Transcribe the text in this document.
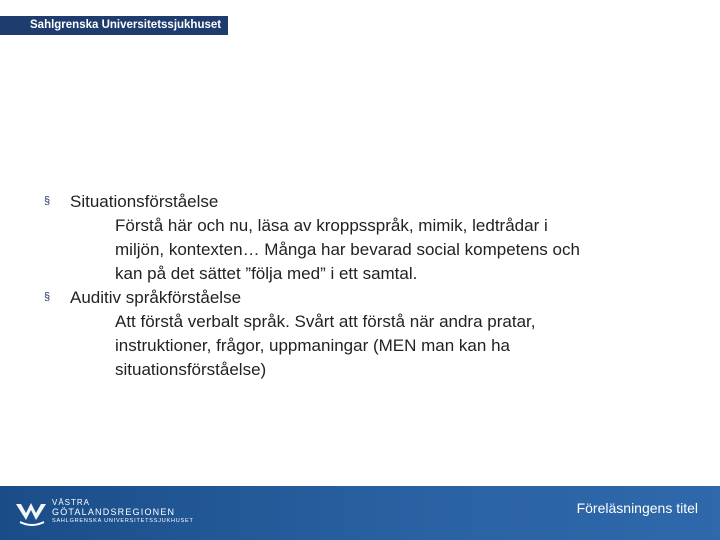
Sahlgrenska Universitetssjukhuset
§ Situationsförståelse
Förstå här och nu, läsa av kroppsspråk, mimik, ledtrådar i
miljön, kontexten… Många har bevarad social kompetens och
kan på det sättet ”följa med” i ett samtal.
§ Auditiv språkförståelse
Att förstå verbalt språk. Svårt att förstå när andra pratar,
instruktioner, frågor, uppmaningar (MEN man kan ha
situationsförståelse)
VÄSTRA
GÖTALANDSREGIONEN
SAHLGRENSKA UNIVERSITETSSJUKHUSET
Föreläsningens titel
